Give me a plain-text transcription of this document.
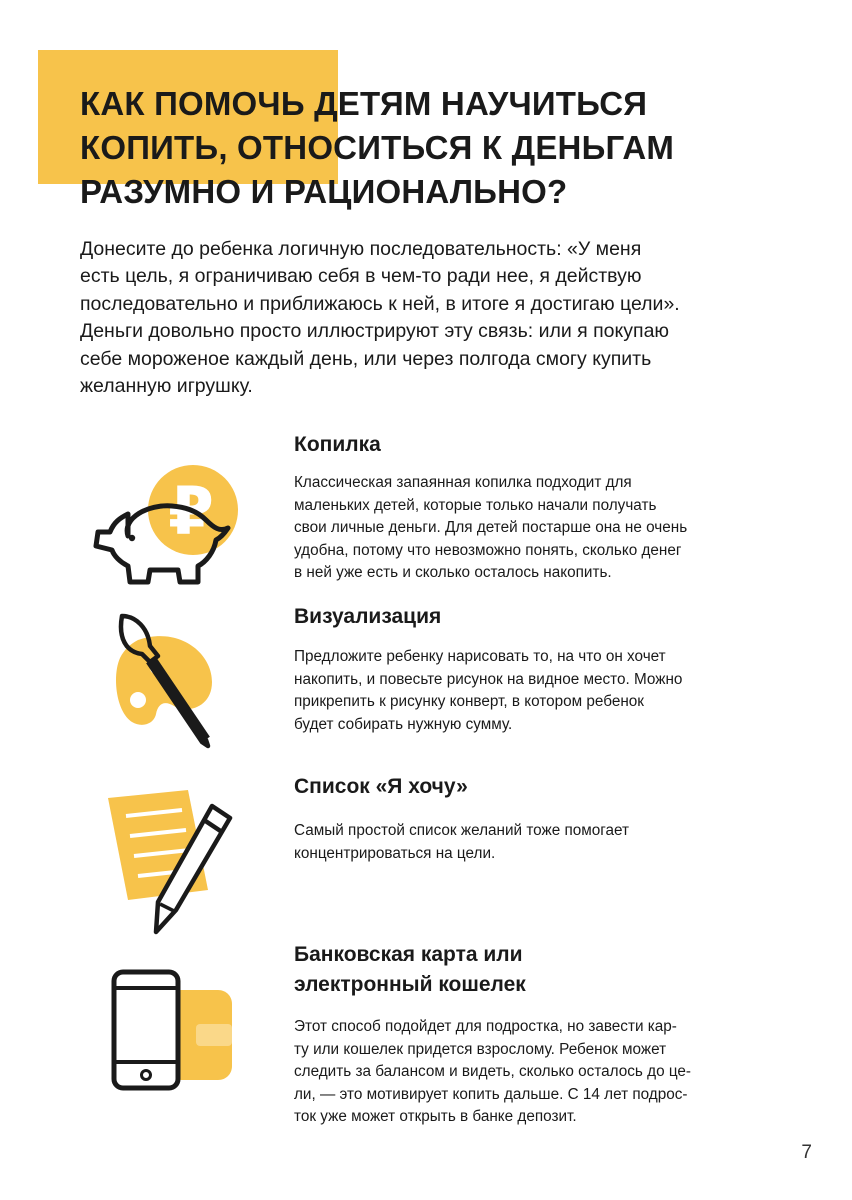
КАК ПОМОЧЬ ДЕТЯМ НАУЧИТЬСЯ
КОПИТЬ, ОТНОСИТЬСЯ К ДЕНЬГАМ
РАЗУМНО И РАЦИОНАЛЬНО?
Донесите до ребенка логичную последовательность: «У меня
есть цель, я ограничиваю себя в чем-то ради нее, я действую
последовательно и приближаюсь к ней, в итоге я достигаю цели».
Деньги довольно просто иллюстрируют эту связь: или я покупаю
себе мороженое каждый день, или через полгода смогу купить
желанную игрушку.
₽
Копилка

Классическая запаянная копилка подходит для
маленьких детей, которые только начали получать
свои личные деньги. Для детей постарше она не очень
удобна, потому что невозможно понять, сколько денег
в ней уже есть и сколько осталось накопить.

Визуализация

Предложите ребенку нарисовать то, на что он хочет
накопить, и повесьте рисунок на видное место. Можно
прикрепить к рисунку конверт, в котором ребенок
будет собирать нужную сумму.

Список «Я хочу»

Самый простой список желаний тоже помогает
концентрироваться на цели.

Банковская карта или
электронный кошелек

Этот способ подойдет для подростка, но завести кар-
ту или кошелек придется взрослому. Ребенок может
следить за балансом и видеть, сколько осталось до це-
ли, — это мотивирует копить дальше. С 14 лет подрос-
ток уже может открыть в банке депозит.

7
